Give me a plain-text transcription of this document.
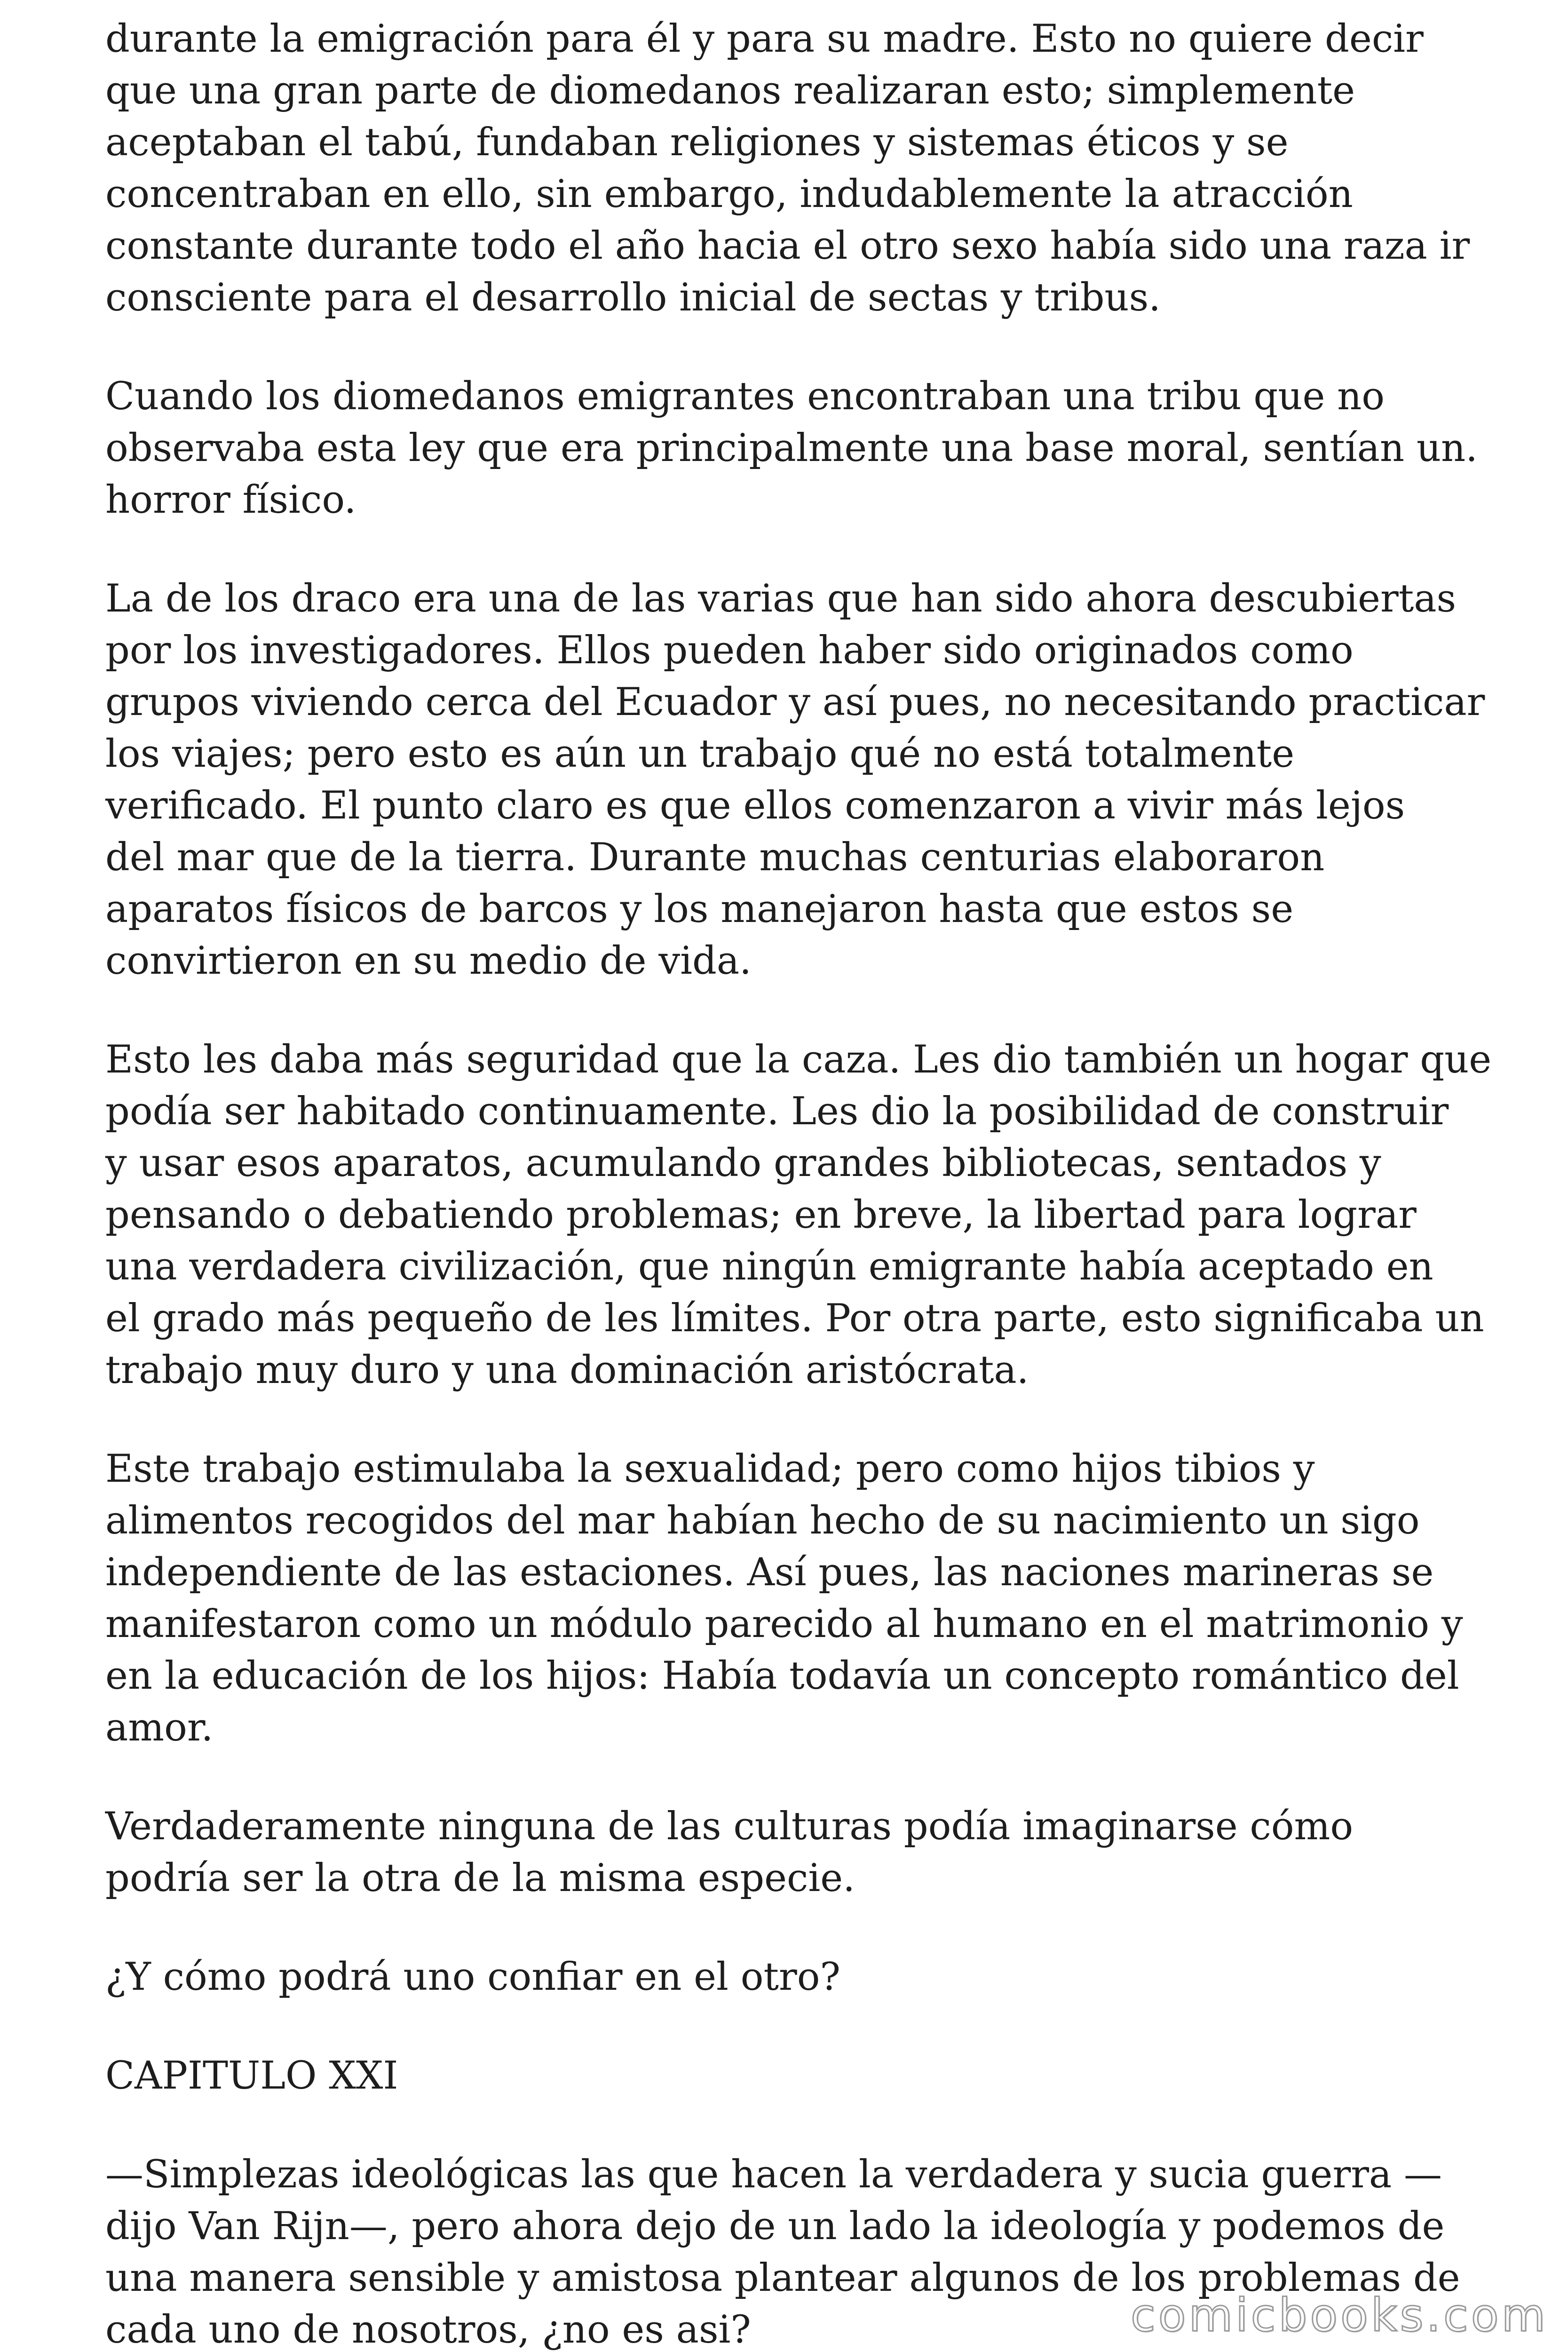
durante la emigración para él y para su madre. Esto no quiere decir
que una gran parte de diomedanos realizaran esto; simplemente
aceptaban el tabú, fundaban religiones y sistemas éticos y se
concentraban en ello, sin embargo, indudablemente la atracción
constante durante todo el año hacia el otro sexo había sido una raza ir
consciente para el desarrollo inicial de sectas y tribus.

Cuando los diomedanos emigrantes encontraban una tribu que no
observaba esta ley que era principalmente una base moral, sentían un.
horror físico.

La de los draco era una de las varias que han sido ahora descubiertas
por los investigadores. Ellos pueden haber sido originados como
grupos viviendo cerca del Ecuador y así pues, no necesitando practicar
los viajes; pero esto es aún un trabajo qué no está totalmente
verificado. El punto claro es que ellos comenzaron a vivir más lejos
del mar que de la tierra. Durante muchas centurias elaboraron
aparatos físicos de barcos y los manejaron hasta que estos se
convirtieron en su medio de vida.

Esto les daba más seguridad que la caza. Les dio también un hogar que
podía ser habitado continuamente. Les dio la posibilidad de construir
y usar esos aparatos, acumulando grandes bibliotecas, sentados y
pensando o debatiendo problemas; en breve, la libertad para lograr
una verdadera civilización, que ningún emigrante había aceptado en
el grado más pequeño de les límites. Por otra parte, esto significaba un
trabajo muy duro y una dominación aristócrata.

Este trabajo estimulaba la sexualidad; pero como hijos tibios y
alimentos recogidos del mar habían hecho de su nacimiento un sigo
independiente de las estaciones. Así pues, las naciones marineras se
manifestaron como un módulo parecido al humano en el matrimonio y
en la educación de los hijos: Había todavía un concepto romántico del
amor.

Verdaderamente ninguna de las culturas podía imaginarse cómo
podría ser la otra de la misma especie.

¿Y cómo podrá uno confiar en el otro?

CAPITULO XXI

—Simplezas ideológicas las que hacen la verdadera y sucia guerra —
dijo Van Rijn—, pero ahora dejo de un lado la ideología y podemos de
una manera sensible y amistosa plantear algunos de los problemas de
cada uno de nosotros, ¿no es asi?	comicbooks.com
